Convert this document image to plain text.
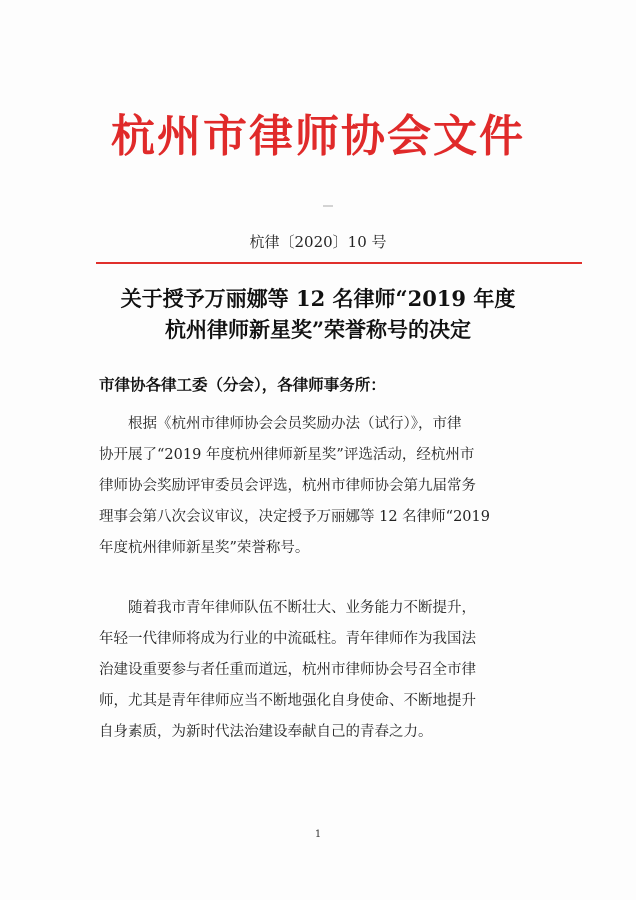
杭州市律师协会文件
杭律〔2020〕10 号
关于授予万丽娜等 12 名律师“2019 年度
杭州律师新星奖”荣誉称号的决定
市律协各律工委（分会），各律师事务所：
根据《杭州市律师协会会员奖励办法（试行）》，市律
协开展了“2019 年度杭州律师新星奖”评选活动，经杭州市
律师协会奖励评审委员会评选，杭州市律师协会第九届常务
理事会第八次会议审议，决定授予万丽娜等 12 名律师“2019
年度杭州律师新星奖”荣誉称号。
随着我市青年律师队伍不断壮大、业务能力不断提升，
年轻一代律师将成为行业的中流砥柱。青年律师作为我国法
治建设重要参与者任重而道远，杭州市律师协会号召全市律
师，尤其是青年律师应当不断地强化自身使命、不断地提升
自身素质，为新时代法治建设奉献自己的青春之力。
1
